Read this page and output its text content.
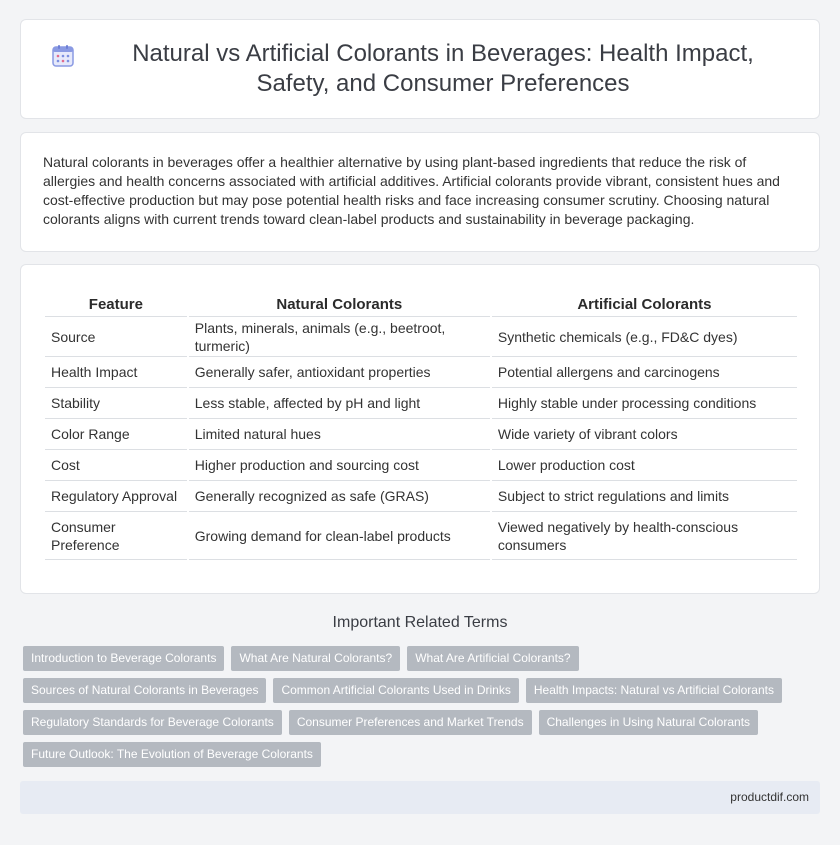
Natural vs Artificial Colorants in Beverages: Health Impact, Safety, and Consumer Preferences

Natural colorants in beverages offer a healthier alternative by using plant-based ingredients that reduce the risk of allergies and health concerns associated with artificial additives. Artificial colorants provide vibrant, consistent hues and cost-effective production but may pose potential health risks and face increasing consumer scrutiny. Choosing natural colorants aligns with current trends toward clean-label products and sustainability in beverage packaging.

Feature	Natural Colorants	Artificial Colorants
Source	Plants, minerals, animals (e.g., beetroot, turmeric)	Synthetic chemicals (e.g., FD&C dyes)
Health Impact	Generally safer, antioxidant properties	Potential allergens and carcinogens
Stability	Less stable, affected by pH and light	Highly stable under processing conditions
Color Range	Limited natural hues	Wide variety of vibrant colors
Cost	Higher production and sourcing cost	Lower production cost
Regulatory Approval	Generally recognized as safe (GRAS)	Subject to strict regulations and limits
Consumer Preference	Growing demand for clean-label products	Viewed negatively by health-conscious consumers
Important Related Terms
Introduction to Beverage Colorants	What Are Natural Colorants?	What Are Artificial Colorants?
Sources of Natural Colorants in Beverages	Common Artificial Colorants Used in Drinks	Health Impacts: Natural vs Artificial Colorants
Regulatory Standards for Beverage Colorants	Consumer Preferences and Market Trends	Challenges in Using Natural Colorants
Future Outlook: The Evolution of Beverage Colorants
productdif.com
